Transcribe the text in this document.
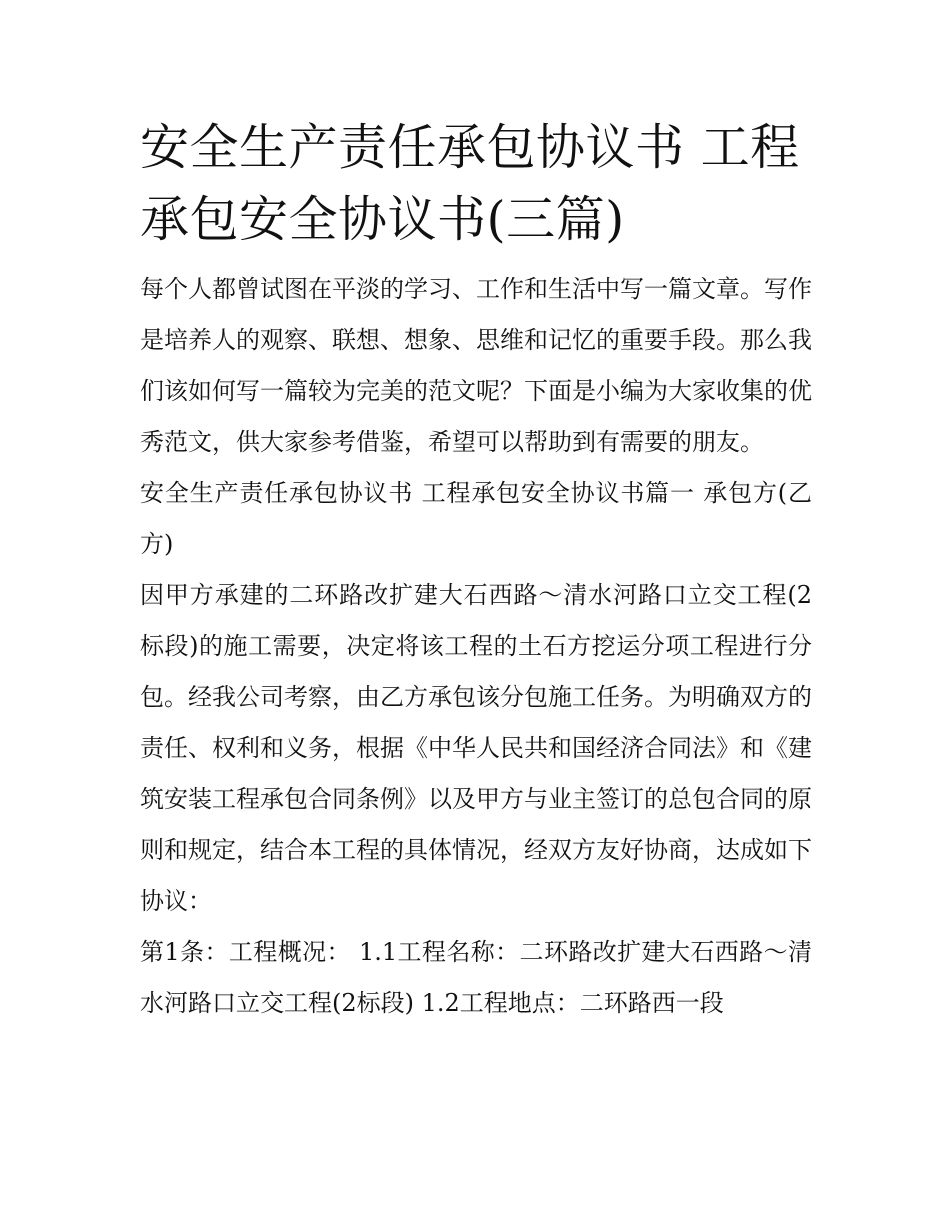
安全生产责任承包协议书 工程承包安全协议书(三篇)

每个人都曾试图在平淡的学习、工作和生活中写一篇文章。写作是培养人的观察、联想、想象、思维和记忆的重要手段。那么我们该如何写一篇较为完美的范文呢？下面是小编为大家收集的优秀范文，供大家参考借鉴，希望可以帮助到有需要的朋友。

安全生产责任承包协议书 工程承包安全协议书篇一 承包方(乙方)

因甲方承建的二环路改扩建大石西路～清水河路口立交工程(2标段)的施工需要，决定将该工程的土石方挖运分项工程进行分包。经我公司考察，由乙方承包该分包施工任务。为明确双方的责任、权利和义务，根据《中华人民共和国经济合同法》和《建筑安装工程承包合同条例》以及甲方与业主签订的总包合同的原则和规定，结合本工程的具体情况，经双方友好协商，达成如下协议：

第1条：工程概况： 1.1工程名称：二环路改扩建大石西路～清水河路口立交工程(2标段) 1.2工程地点：二环路西一段
